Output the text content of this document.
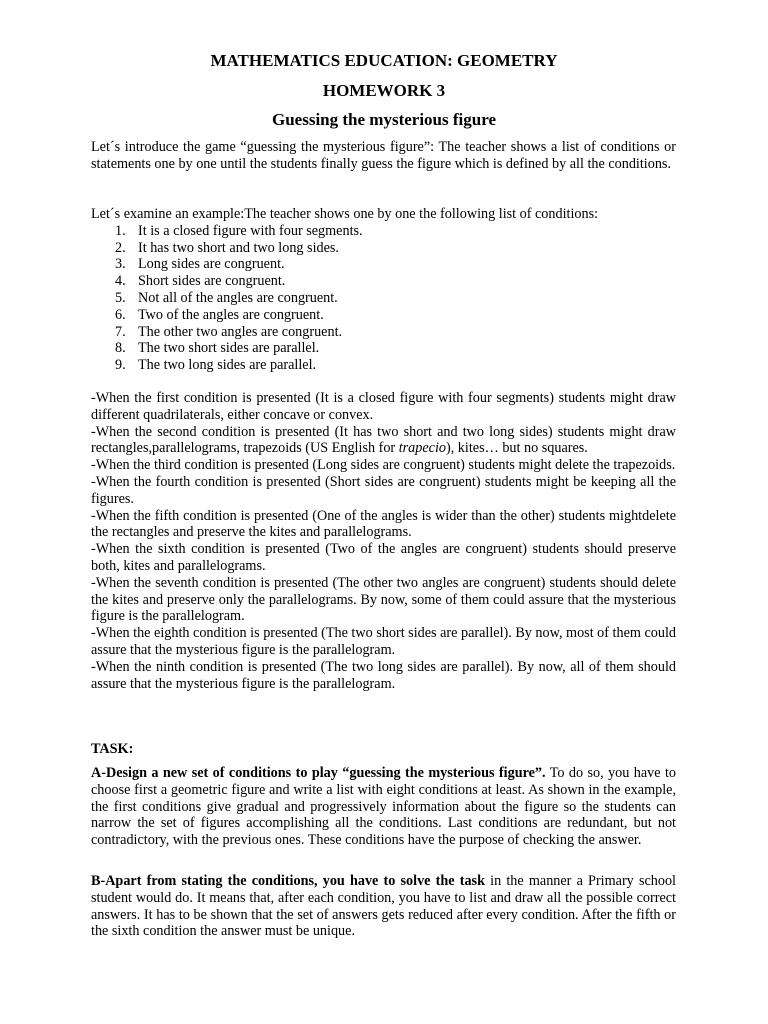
MATHEMATICS EDUCATION: GEOMETRY
HOMEWORK 3
Guessing the mysterious figure

Let´s introduce the game “guessing the mysterious figure”: The teacher shows a list of conditions or statements one by one until the students finally guess the figure which is defined by all the conditions.

Let´s examine an example:The teacher shows one by one the following list of conditions:

1. It is a closed figure with four segments.
2. It has two short and two long sides.
3. Long sides are congruent.
4. Short sides are congruent.
5. Not all of the angles are congruent.
6. Two of the angles are congruent.
7. The other two angles are congruent.
8. The two short sides are parallel.
9. The two long sides are parallel.

-When the first condition is presented (It is a closed figure with four segments) students might draw different quadrilaterals, either concave or convex.

-When the second condition is presented (It has two short and two long sides) students might draw rectangles,parallelograms, trapezoids (US English for trapecio), kites… but no squares.

-When the third condition is presented (Long sides are congruent) students might delete the trapezoids.

-When the fourth condition is presented (Short sides are congruent) students might be keeping all the figures.

-When the fifth condition is presented (One of the angles is wider than the other) students mightdelete the rectangles and preserve the kites and parallelograms.

-When the sixth condition is presented (Two of the angles are congruent) students should preserve both, kites and parallelograms.

-When the seventh condition is presented (The other two angles are congruent) students should delete the kites and preserve only the parallelograms. By now, some of them could assure that the mysterious figure is the parallelogram.

-When the eighth condition is presented (The two short sides are parallel). By now, most of them could assure that the mysterious figure is the parallelogram.

-When the ninth condition is presented (The two long sides are parallel). By now, all of them should assure that the mysterious figure is the parallelogram.

TASK:

A-Design a new set of conditions to play “guessing the mysterious figure”. To do so, you have to choose first a geometric figure and write a list with eight conditions at least. As shown in the example, the first conditions give gradual and progressively information about the figure so the students can narrow the set of figures accomplishing all the conditions. Last conditions are redundant, but not contradictory, with the previous ones. These conditions have the purpose of checking the answer.

B-Apart from stating the conditions, you have to solve the task in the manner a Primary school student would do. It means that, after each condition, you have to list and draw all the possible correct answers. It has to be shown that the set of answers gets reduced after every condition. After the fifth or the sixth condition the answer must be unique.
